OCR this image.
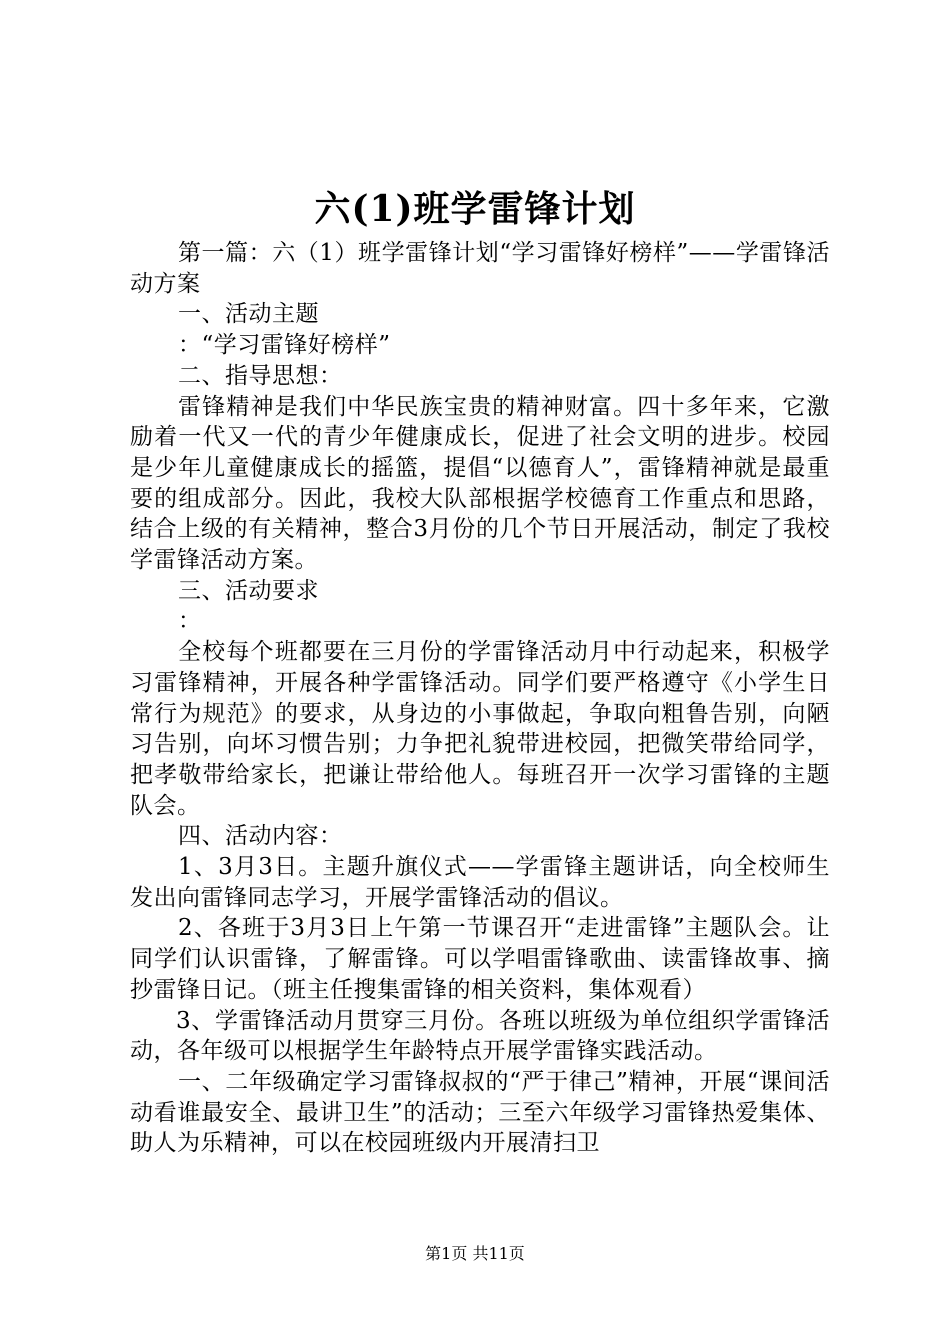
六(1)班学雷锋计划

第一篇：六（1）班学雷锋计划“学习雷锋好榜样”——学雷锋活动方案

一、活动主题

：“学习雷锋好榜样”

二、指导思想：

雷锋精神是我们中华民族宝贵的精神财富。四十多年来，它激励着一代又一代的青少年健康成长，促进了社会文明的进步。校园是少年儿童健康成长的摇篮，提倡“以德育人”，雷锋精神就是最重要的组成部分。因此，我校大队部根据学校德育工作重点和思路，结合上级的有关精神，整合3月份的几个节日开展活动，制定了我校学雷锋活动方案。

三、活动要求

：

全校每个班都要在三月份的学雷锋活动月中行动起来，积极学习雷锋精神，开展各种学雷锋活动。同学们要严格遵守《小学生日常行为规范》的要求，从身边的小事做起，争取向粗鲁告别，向陋习告别，向坏习惯告别；力争把礼貌带进校园，把微笑带给同学，把孝敬带给家长，把谦让带给他人。每班召开一次学习雷锋的主题队会。

四、活动内容：

1、3月3日。主题升旗仪式——学雷锋主题讲话，向全校师生发出向雷锋同志学习，开展学雷锋活动的倡议。

2、各班于3月3日上午第一节课召开“走进雷锋”主题队会。让同学们认识雷锋，了解雷锋。可以学唱雷锋歌曲、读雷锋故事、摘抄雷锋日记。（班主任搜集雷锋的相关资料，集体观看）

3、学雷锋活动月贯穿三月份。各班以班级为单位组织学雷锋活动，各年级可以根据学生年龄特点开展学雷锋实践活动。

一、二年级确定学习雷锋叔叔的“严于律己”精神，开展“课间活动看谁最安全、最讲卫生”的活动；三至六年级学习雷锋热爱集体、助人为乐精神，可以在校园班级内开展清扫卫

第1页 共11页
